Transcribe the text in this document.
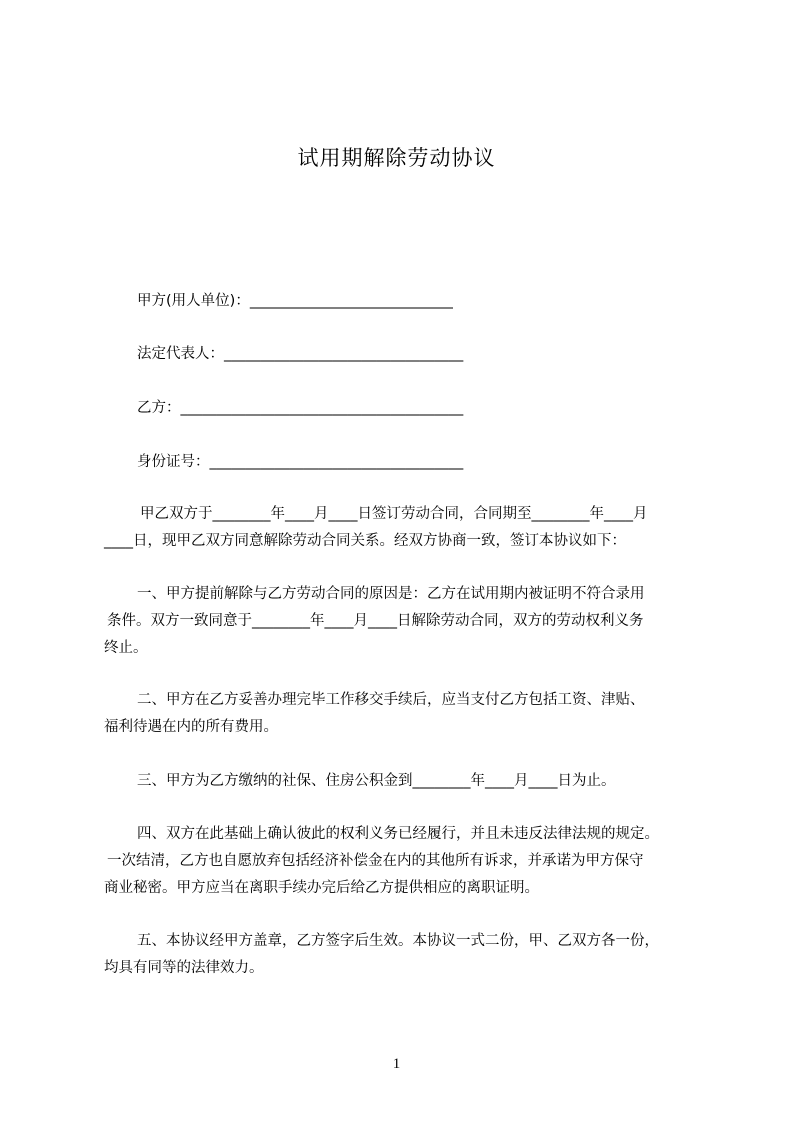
试用期解除劳动协议
甲方(用人单位)：____________________________
法定代表人：_________________________________
乙方：_______________________________________
身份证号：___________________________________
甲乙双方于________年____月____日签订劳动合同，合同期至________年____月
____日，现甲乙双方同意解除劳动合同关系。经双方协商一致，签订本协议如下：
一、甲方提前解除与乙方劳动合同的原因是：乙方在试用期内被证明不符合录用
条件。双方一致同意于________年____月____日解除劳动合同，双方的劳动权利义务
终止。
二、甲方在乙方妥善办理完毕工作移交手续后，应当支付乙方包括工资、津贴、
福利待遇在内的所有费用。
三、甲方为乙方缴纳的社保、住房公积金到________年____月____日为止。
四、双方在此基础上确认彼此的权利义务已经履行，并且未违反法律法规的规定。
一次结清，乙方也自愿放弃包括经济补偿金在内的其他所有诉求，并承诺为甲方保守
商业秘密。甲方应当在离职手续办完后给乙方提供相应的离职证明。
五、本协议经甲方盖章，乙方签字后生效。本协议一式二份，甲、乙双方各一份，
均具有同等的法律效力。
1
